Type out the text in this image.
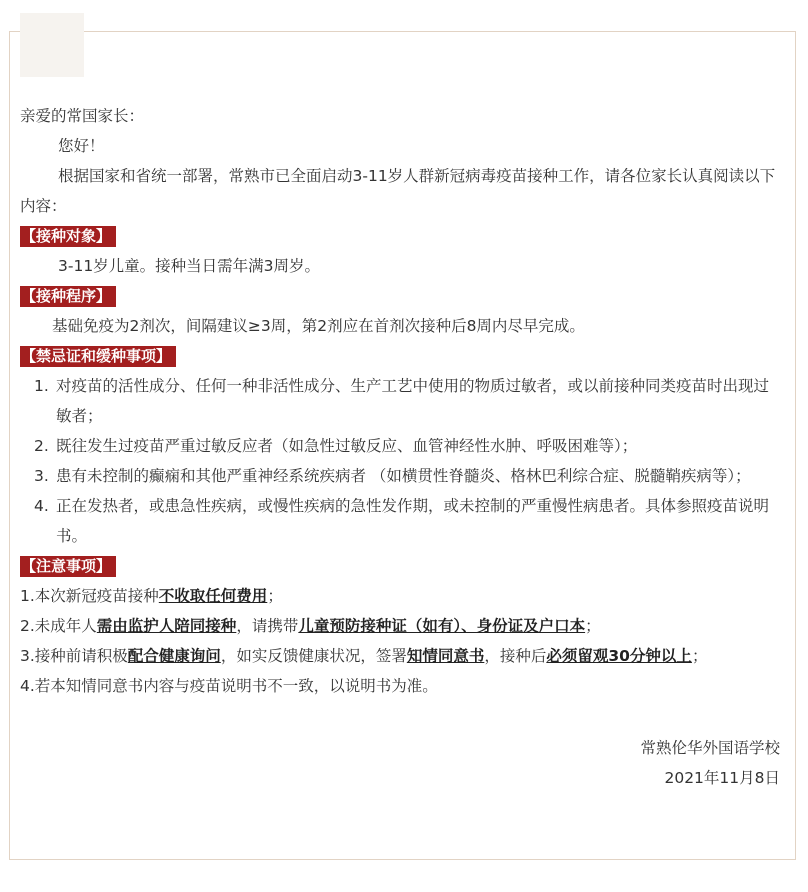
亲爱的常国家长：

您好！

根据国家和省统一部署，常熟市已全面启动3-11岁人群新冠病毒疫苗接种工作，请各位家长认真阅读以下内容：

【接种对象】

3-11岁儿童。接种当日需年满3周岁。

【接种程序】

基础免疫为2剂次，间隔建议≥3周，第2剂应在首剂次接种后8周内尽早完成。

【禁忌证和缓种事项】
1. 对疫苗的活性成分、任何一种非活性成分、生产工艺中使用的物质过敏者，或以前接种同类疫苗时出现过敏者；
2. 既往发生过疫苗严重过敏反应者（如急性过敏反应、血管神经性水肿、呼吸困难等）；
3. 患有未控制的癫痫和其他严重神经系统疾病者 （如横贯性脊髓炎、格林巴利综合症、脱髓鞘疾病等）；
4. 正在发热者，或患急性疾病，或慢性疾病的急性发作期，或未控制的严重慢性病患者。具体参照疫苗说明书。
【注意事项】

1.本次新冠疫苗接种不收取任何费用；

2.未成年人需由监护人陪同接种，请携带儿童预防接种证（如有）、身份证及户口本；

3.接种前请积极配合健康询问，如实反馈健康状况，签署知情同意书，接种后必须留观30分钟以上；

4.若本知情同意书内容与疫苗说明书不一致，以说明书为准。

常熟伦华外国语学校

2021年11月8日
